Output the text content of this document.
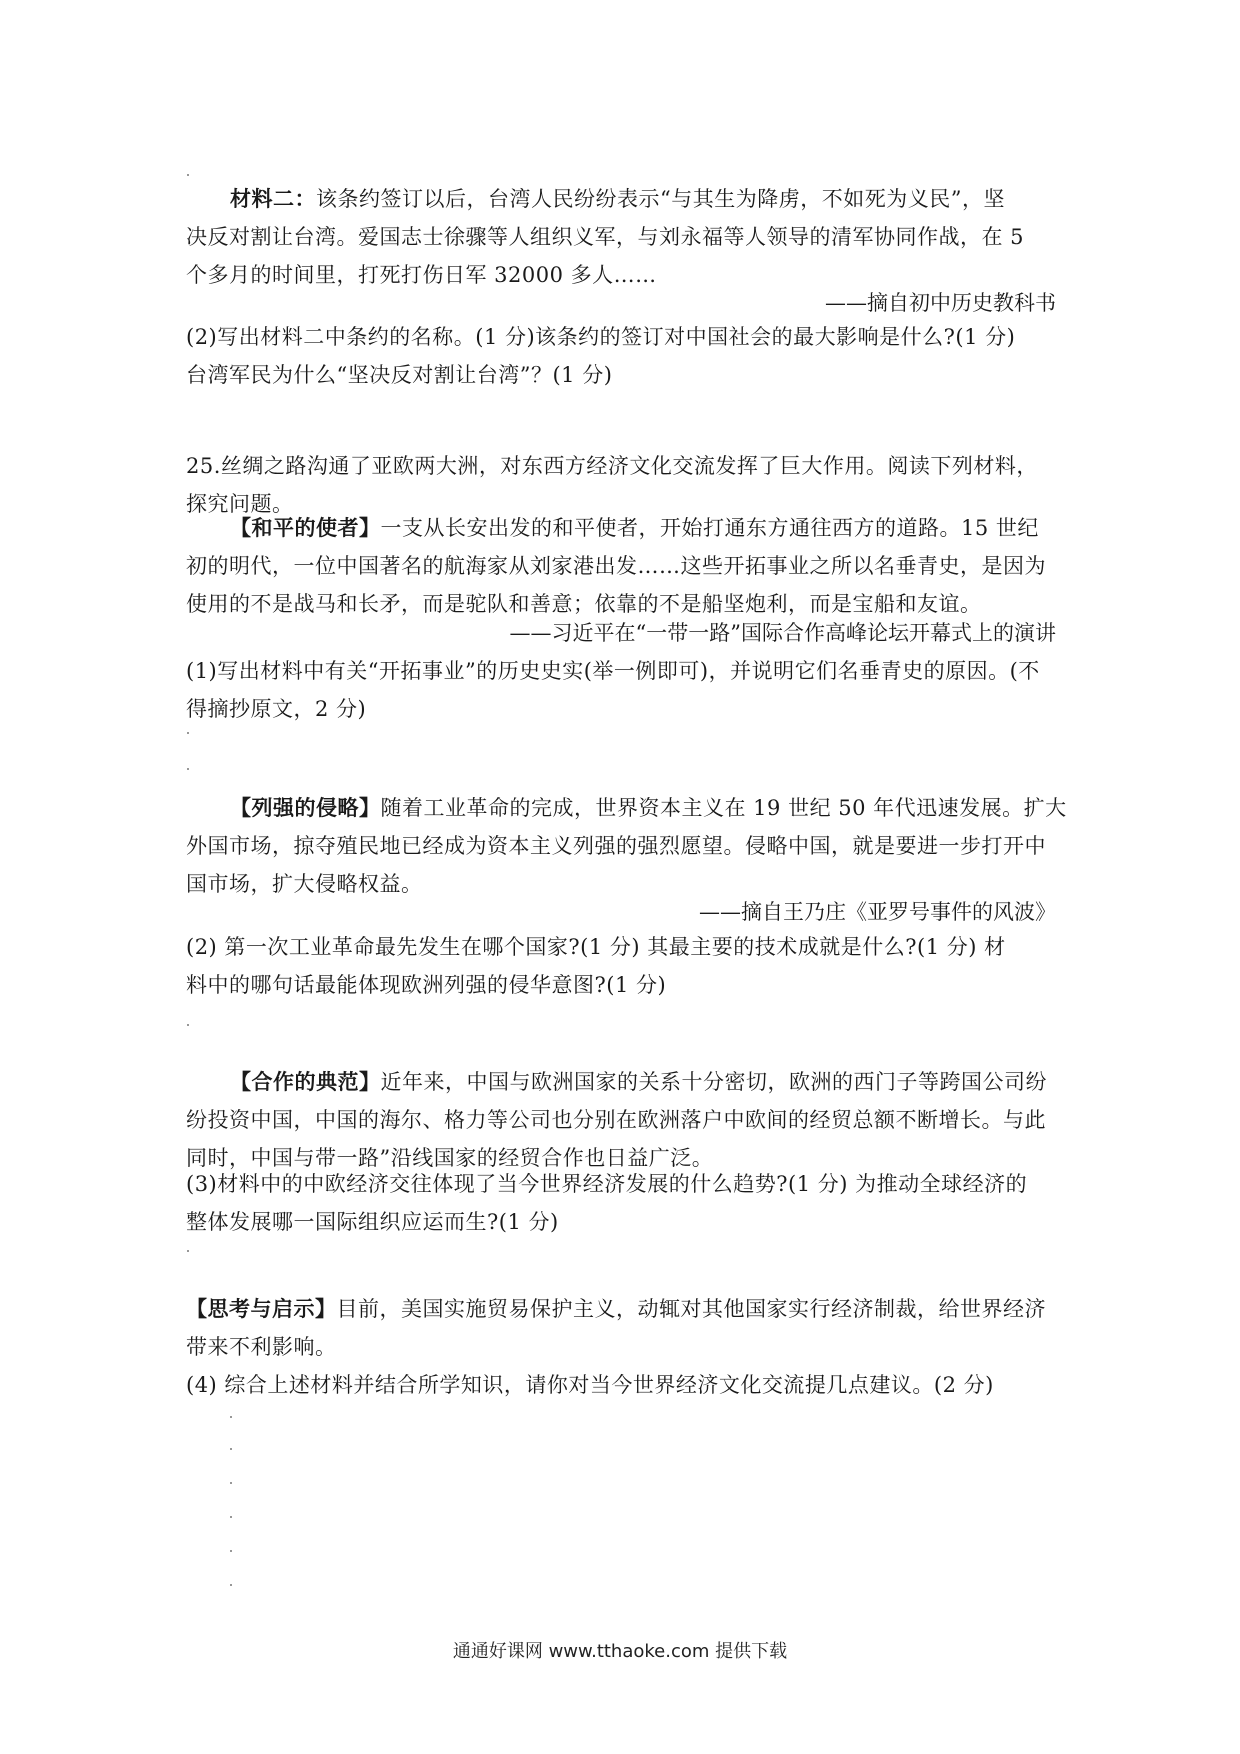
材料二：该条约签订以后，台湾人民纷纷表示“与其生为降虏，不如死为义民”，坚
决反对割让台湾。爱国志士徐骤等人组织义军，与刘永福等人领导的清军协同作战，在 5
个多月的时间里，打死打伤日军 32000 多人……
——摘自初中历史教科书
(2)写出材料二中条约的名称。(1 分)该条约的签订对中国社会的最大影响是什么?(1 分)
台湾军民为什么“坚决反对割让台湾”？(1 分)
25.丝绸之路沟通了亚欧两大洲，对东西方经济文化交流发挥了巨大作用。阅读下列材料，
探究问题。
【和平的使者】一支从长安出发的和平使者，开始打通东方通往西方的道路。15 世纪
初的明代，一位中国著名的航海家从刘家港出发……这些开拓事业之所以名垂青史，是因为
使用的不是战马和长矛，而是驼队和善意；依靠的不是船坚炮利，而是宝船和友谊。
——习近平在“一带一路”国际合作高峰论坛开幕式上的演讲
(1)写出材料中有关“开拓事业”的历史史实(举一例即可)，并说明它们名垂青史的原因。(不
得摘抄原文，2 分)
【列强的侵略】随着工业革命的完成，世界资本主义在 19 世纪 50 年代迅速发展。扩大
外国市场，掠夺殖民地已经成为资本主义列强的强烈愿望。侵略中国，就是要进一步打开中
国市场，扩大侵略权益。
——摘自王乃庄《亚罗号事件的风波》
(2) 第一次工业革命最先发生在哪个国家?(1 分) 其最主要的技术成就是什么?(1 分) 材
料中的哪句话最能体现欧洲列强的侵华意图?(1 分)
【合作的典范】近年来，中国与欧洲国家的关系十分密切，欧洲的西门子等跨国公司纷
纷投资中国，中国的海尔、格力等公司也分别在欧洲落户中欧间的经贸总额不断增长。与此
同时，中国与带一路”沿线国家的经贸合作也日益广泛。
(3)材料中的中欧经济交往体现了当今世界经济发展的什么趋势?(1 分) 为推动全球经济的
整体发展哪一国际组织应运而生?(1 分)
【思考与启示】目前，美国实施贸易保护主义，动辄对其他国家实行经济制裁，给世界经济
带来不利影响。
(4) 综合上述材料并结合所学知识，请你对当今世界经济文化交流提几点建议。(2 分)
通通好课网 www.tthaoke.com 提供下载
